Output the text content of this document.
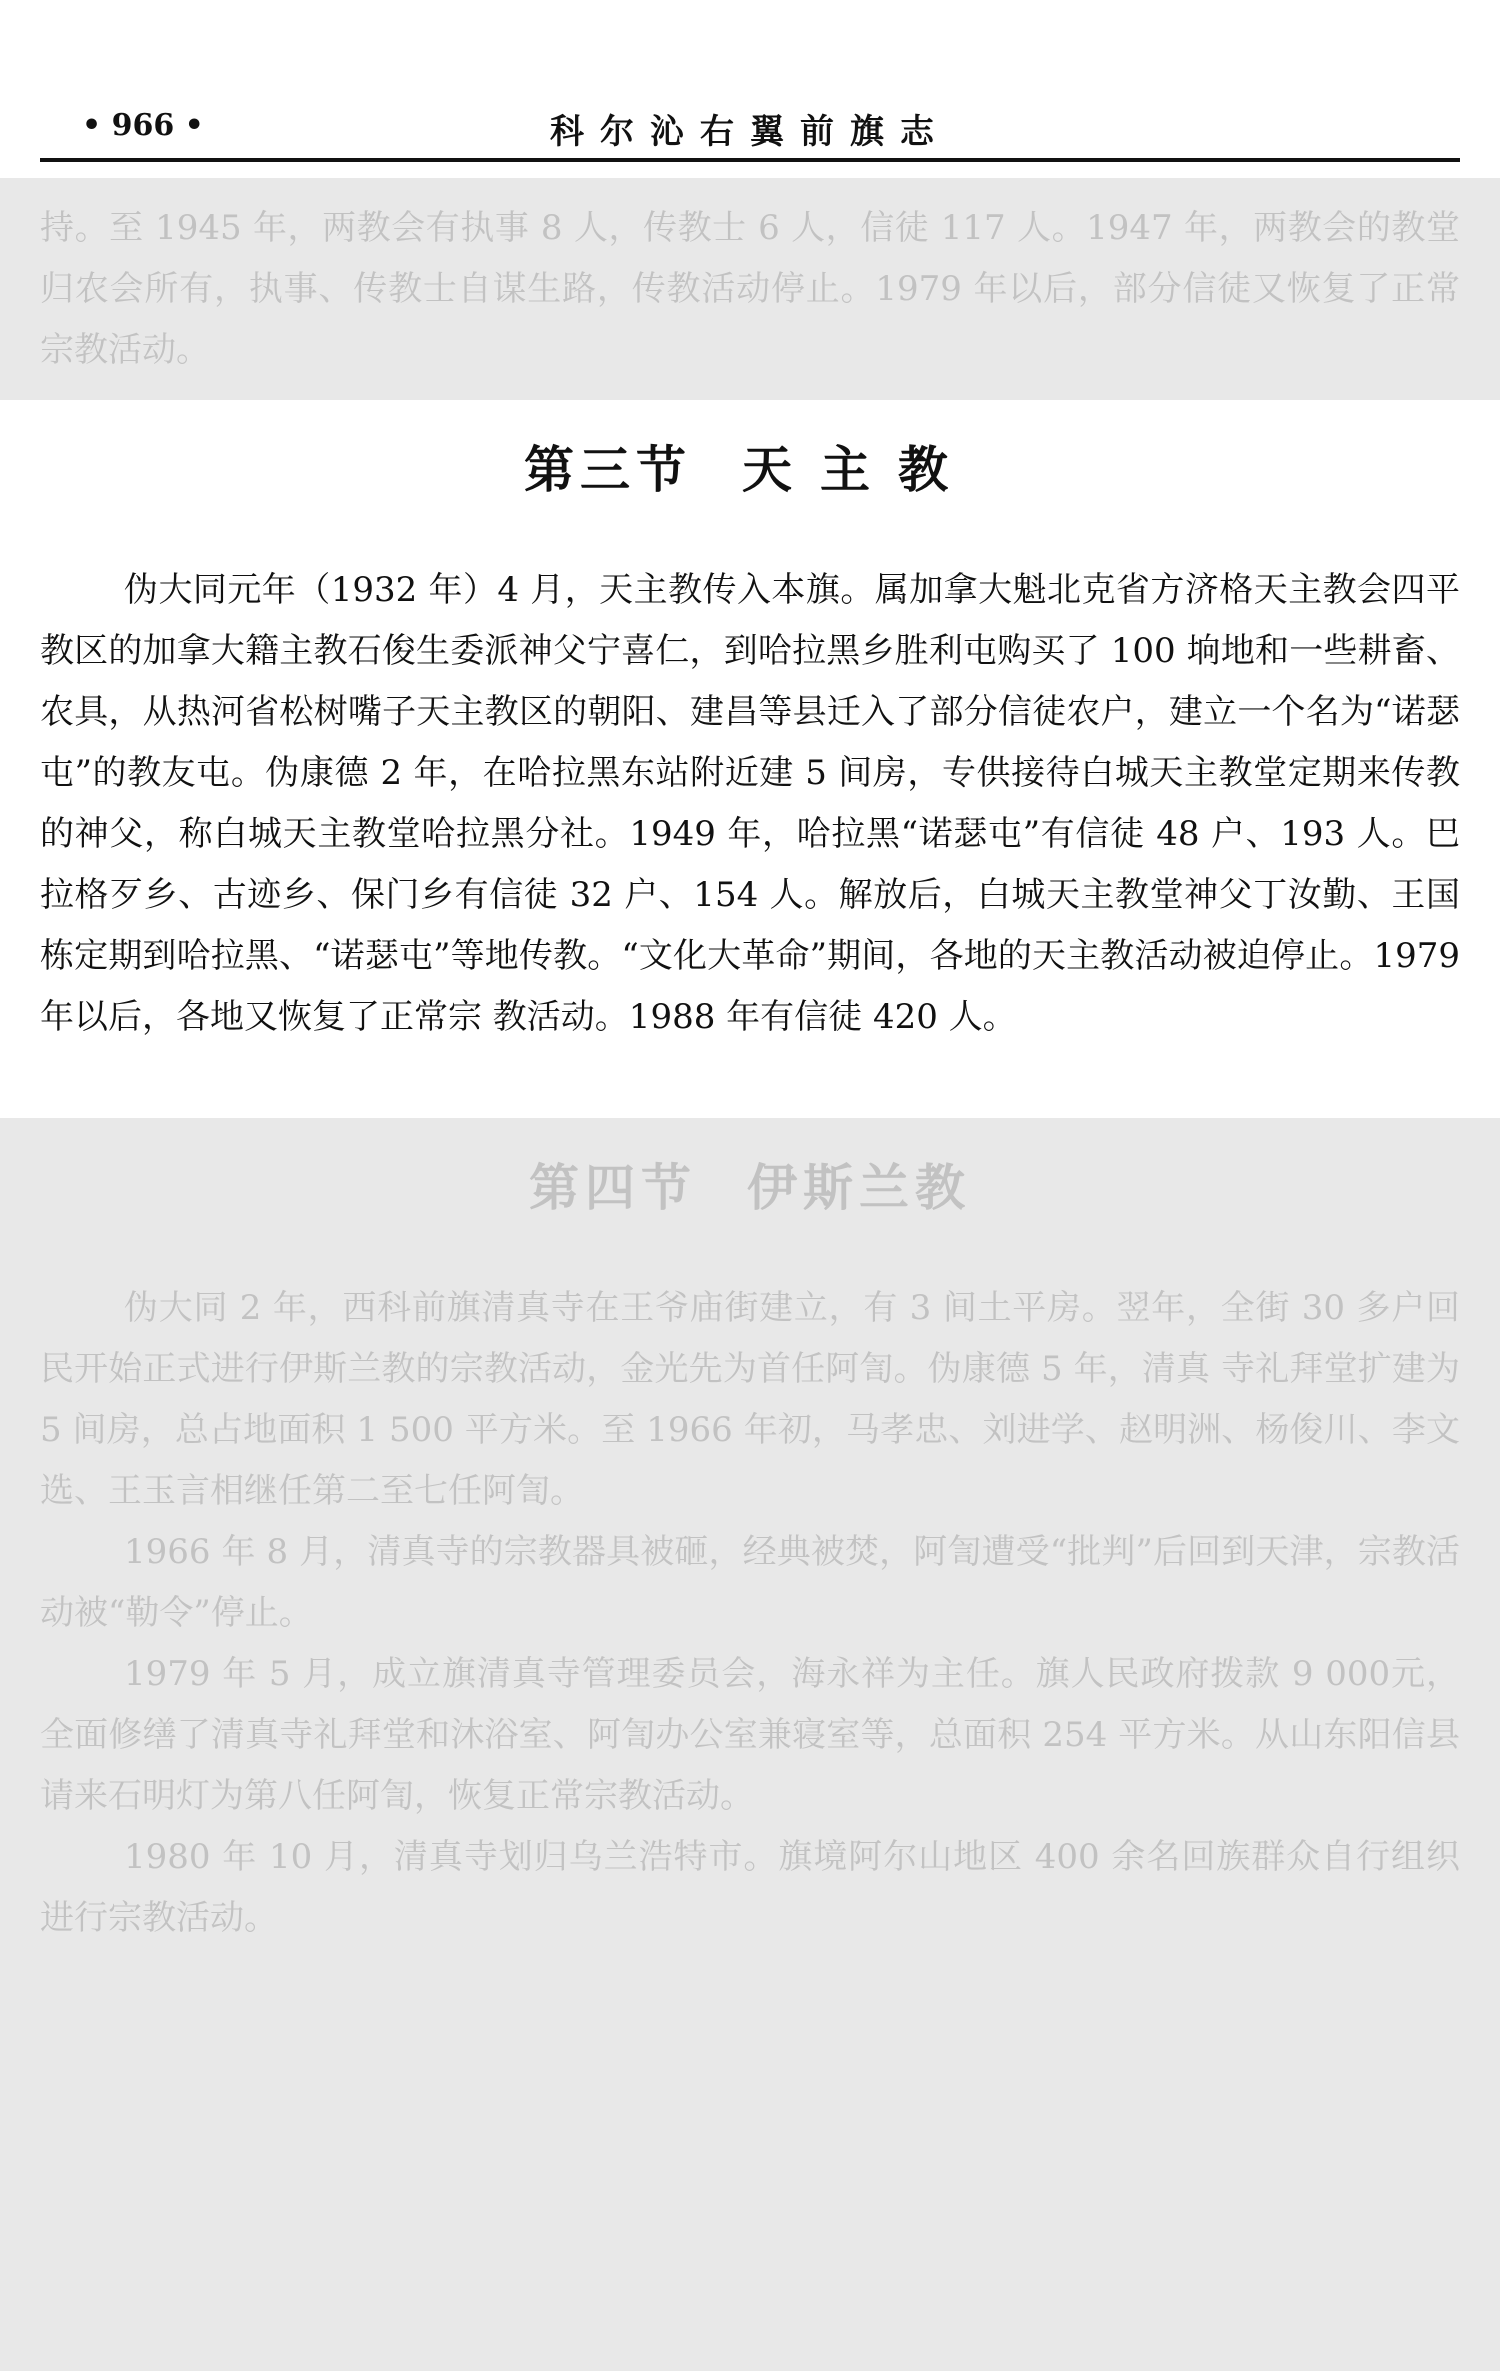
• 966 •	科尔沁右翼前旗志

持。至 1945 年，两教会有执事 8 人，传教士 6 人，信徒 117 人。1947 年，两教会的教堂归农会所有，执事、传教士自谋生路，传教活动停止。1979 年以后，部分信徒又恢复了正常宗教活动。

第三节 天主教

伪大同元年（1932 年）4 月，天主教传入本旗。属加拿大魁北克省方济格天主教会四平教区的加拿大籍主教石俊生委派神父宁喜仁，到哈拉黑乡胜利屯购买了 100 垧地和一些耕畜、农具，从热河省松树嘴子天主教区的朝阳、建昌等县迁入了部分信徒农户，建立一个名为“诺瑟屯”的教友屯。伪康德 2 年，在哈拉黑东站附近建 5 间房，专供接待白城天主教堂定期来传教的神父，称白城天主教堂哈拉黑分社。1949 年，哈拉黑“诺瑟屯”有信徒 48 户、193 人。巴拉格歹乡、古迹乡、保门乡有信徒 32 户、154 人。解放后，白城天主教堂神父丁汝勤、王国栋定期到哈拉黑、“诺瑟屯”等地传教。“文化大革命”期间，各地的天主教活动被迫停止。1979 年以后，各地又恢复了正常宗 教活动。1988 年有信徒 420 人。

第四节 伊斯兰教

伪大同 2 年，西科前旗清真寺在王爷庙街建立，有 3 间土平房。翌年，全街 30 多户回民开始正式进行伊斯兰教的宗教活动，金光先为首任阿訇。伪康德 5 年，清真 寺礼拜堂扩建为 5 间房，总占地面积 1 500 平方米。至 1966 年初，马孝忠、刘进学、赵明洲、杨俊川、李文选、王玉言相继任第二至七任阿訇。

1966 年 8 月，清真寺的宗教器具被砸，经典被焚，阿訇遭受“批判”后回到天津，宗教活动被“勒令”停止。

1979 年 5 月，成立旗清真寺管理委员会，海永祥为主任。旗人民政府拨款 9 000元，全面修缮了清真寺礼拜堂和沐浴室、阿訇办公室兼寝室等，总面积 254 平方米。从山东阳信县请来石明灯为第八任阿訇，恢复正常宗教活动。

1980 年 10 月，清真寺划归乌兰浩特市。旗境阿尔山地区 400 余名回族群众自行组织进行宗教活动。
